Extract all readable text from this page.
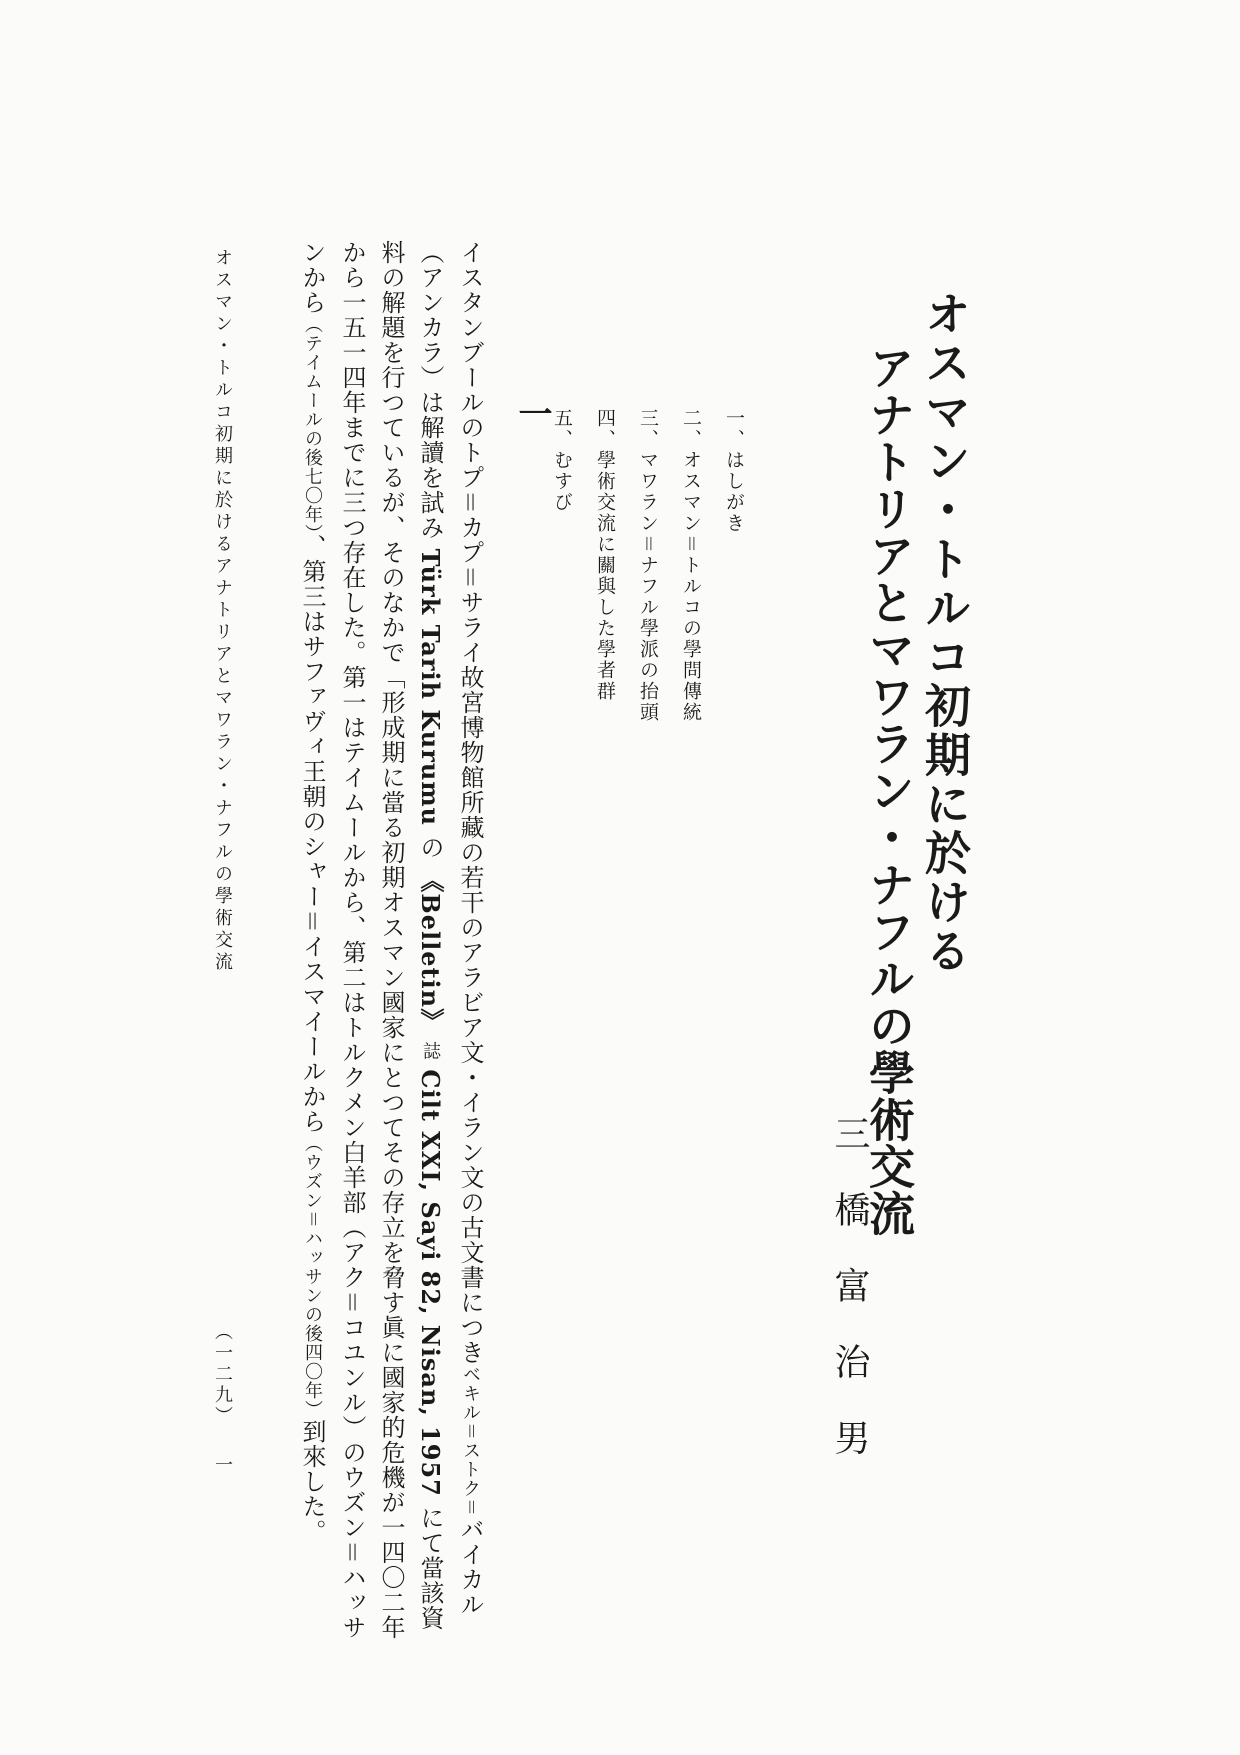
オスマン・トルコ初期に於ける
アナトリアとマワラン・ナフルの學術交流
三橋富治男
一、はしがき
二、オスマン＝トルコの學問傳統
三、マワラン＝ナフル學派の抬頭
四、學術交流に關與した學者群
五、むすび
一

イスタンブールのトプ＝カプ＝サライ故宮博物館所藏の若干のアラビア文・イラン文の古文書につきベキル＝ストク＝バイカル（アンカラ）は解讀を試み Türk Tarih Kurumu の 《Belletin》 誌 Cilt XXI, Sayi 82, Nisan, 1957 にて當該資料の解題を行つているが、そのなかで「形成期に當る初期オスマン國家にとつてその存立を脅す眞に國家的危機が一四〇二年から一五一四年までに三つ存在した。第一はテイムールから、第二はトルクメン白羊部（アク＝コユンル）のウズン＝ハッサンから（テイムールの後七〇年）、第三はサファヴィ王朝のシャー＝イスマイールから（ウズン＝ハッサンの後四〇年）到來した。

オスマン・トルコ初期に於けるアナトリアとマワラン・ナフルの學術交流
（一二九）
一
